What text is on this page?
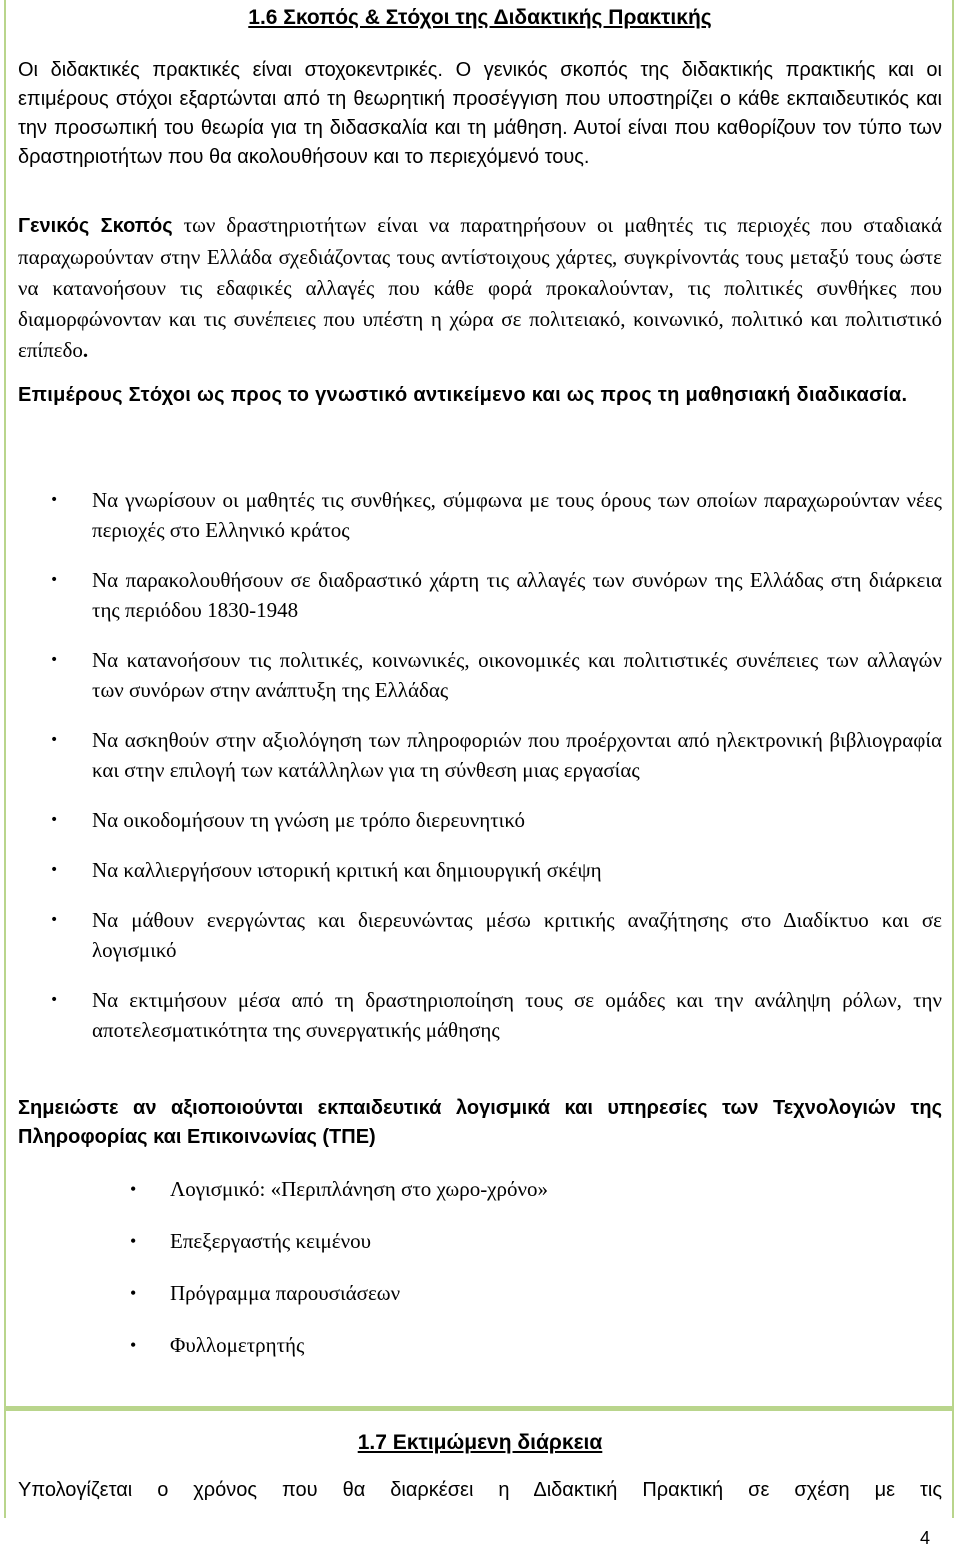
1.6 Σκοπός & Στόχοι της Διδακτικής Πρακτικής
Οι διδακτικές πρακτικές είναι στοχοκεντρικές. Ο γενικός σκοπός της διδακτικής πρακτικής και οι επιμέρους στόχοι εξαρτώνται από τη θεωρητική προσέγγιση που υποστηρίζει ο κάθε εκπαιδευτικός και την προσωπική του θεωρία για τη διδασκαλία και τη μάθηση. Αυτοί είναι που καθορίζουν τον τύπο των δραστηριοτήτων που θα ακολουθήσουν και το περιεχόμενό τους.
Γενικός Σκοπός των δραστηριοτήτων είναι να παρατηρήσουν οι μαθητές τις περιοχές που σταδιακά παραχωρούνταν στην Ελλάδα σχεδιάζοντας τους αντίστοιχους χάρτες, συγκρίνοντάς τους μεταξύ τους ώστε να κατανοήσουν τις εδαφικές αλλαγές που κάθε φορά προκαλούνταν, τις πολιτικές συνθήκες που διαμορφώνονταν και τις συνέπειες που υπέστη η χώρα σε πολιτειακό, κοινωνικό, πολιτικό και πολιτιστικό επίπεδο.
Επιμέρους Στόχοι ως προς το γνωστικό αντικείμενο και ως προς τη μαθησιακή διαδικασία.
• Να γνωρίσουν οι μαθητές τις συνθήκες, σύμφωνα με τους όρους των οποίων παραχωρούνταν νέες περιοχές στο Ελληνικό κράτος
• Να παρακολουθήσουν σε διαδραστικό χάρτη τις αλλαγές των συνόρων της Ελλάδας στη διάρκεια της περιόδου 1830-1948
• Να κατανοήσουν τις πολιτικές, κοινωνικές, οικονομικές και πολιτιστικές συνέπειες των αλλαγών των συνόρων στην ανάπτυξη της Ελλάδας
• Να ασκηθούν στην αξιολόγηση των πληροφοριών που προέρχονται από ηλεκτρονική βιβλιογραφία και στην επιλογή των κατάλληλων για τη σύνθεση μιας εργασίας
• Να οικοδομήσουν τη γνώση με τρόπο διερευνητικό
• Να καλλιεργήσουν ιστορική κριτική και δημιουργική σκέψη
• Να μάθουν ενεργώντας και διερευνώντας μέσω κριτικής αναζήτησης στο Διαδίκτυο και σε λογισμικό
• Να εκτιμήσουν μέσα από τη δραστηριοποίηση τους σε ομάδες και την ανάληψη ρόλων, την αποτελεσματικότητα της συνεργατικής μάθησης
Σημειώστε αν αξιοποιούνται εκπαιδευτικά λογισμικά και υπηρεσίες των Τεχνολογιών της Πληροφορίας και Επικοινωνίας (ΤΠΕ)
• Λογισμικό: «Περιπλάνηση στο χωρο-χρόνο»
• Επεξεργαστής κειμένου
• Πρόγραμμα παρουσιάσεων
• Φυλλομετρητής
1.7 Εκτιμώμενη διάρκεια
Υπολογίζεται ο χρόνος που θα διαρκέσει η Διδακτική Πρακτική σε σχέση με τις
4
